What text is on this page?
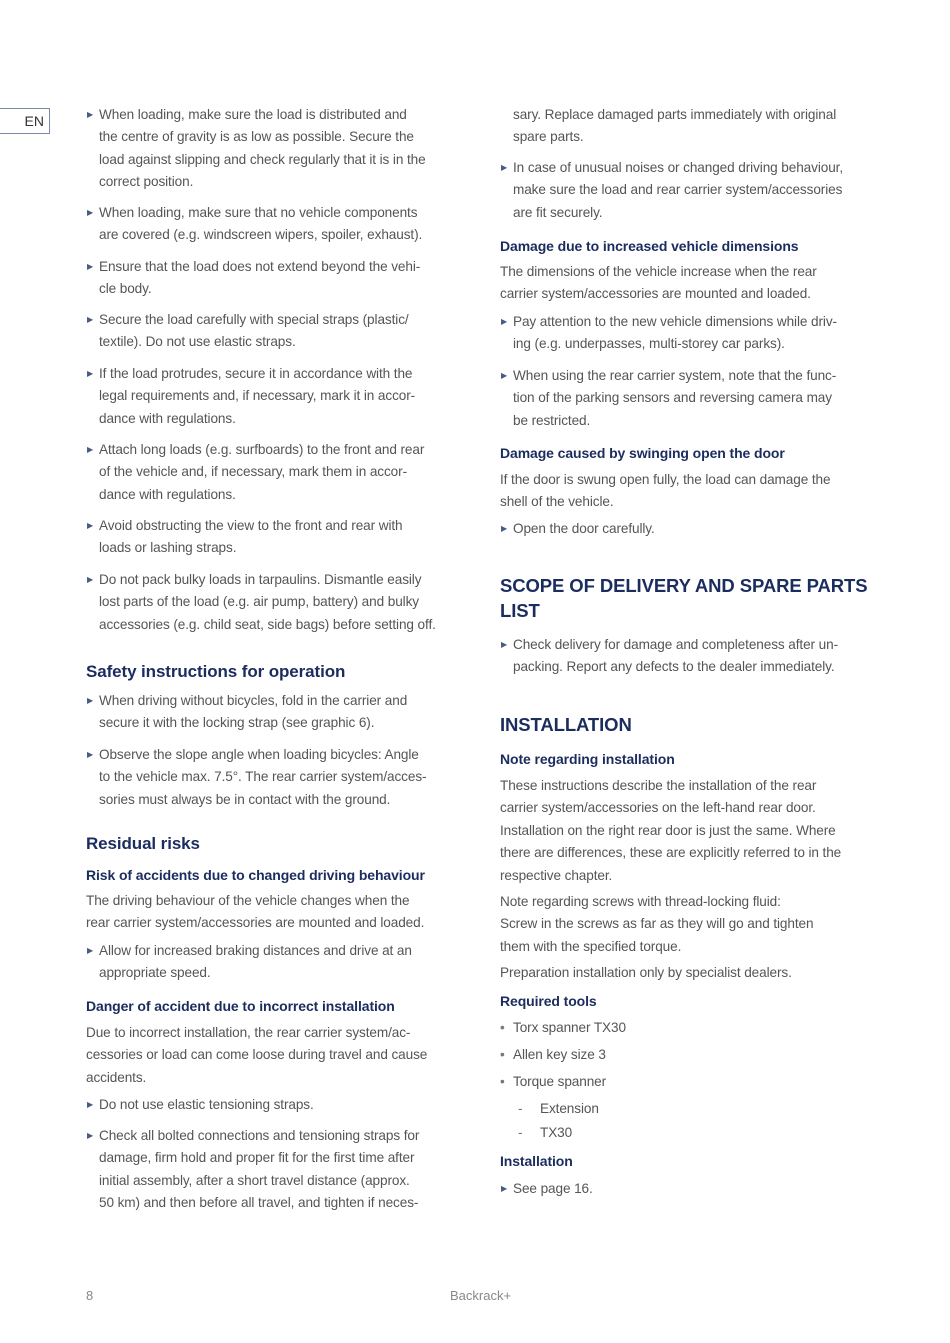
EN	▶ When loading, make sure the load is distributed and
the centre of gravity is as low as possible. Secure the
load against slipping and check regularly that it is in the
correct position.
▶ When loading, make sure that no vehicle components
are covered (e.g. windscreen wipers, spoiler, exhaust).
▶ Ensure that the load does not extend beyond the vehi-
cle body.
▶ Secure the load carefully with special straps (plastic/
textile). Do not use elastic straps.
▶ If the load protrudes, secure it in accordance with the
legal requirements and, if necessary, mark it in accor-
dance with regulations.
▶ Attach long loads (e.g. surfboards) to the front and rear
of the vehicle and, if necessary, mark them in accor-
dance with regulations.
▶ Avoid obstructing the view to the front and rear with
loads or lashing straps.
▶ Do not pack bulky loads in tarpaulins. Dismantle easily
lost parts of the load (e.g. air pump, battery) and bulky
accessories (e.g. child seat, side bags) before setting off.
Safety instructions for operation
▶ When driving without bicycles, fold in the carrier and
secure it with the locking strap (see graphic 6).
▶ Observe the slope angle when loading bicycles: Angle
to the vehicle max. 7.5°. The rear carrier system/acces-
sories must always be in contact with the ground.
Residual risks
Risk of accidents due to changed driving behaviour
The driving behaviour of the vehicle changes when the
rear carrier system/accessories are mounted and loaded.
▶ Allow for increased braking distances and drive at an
appropriate speed.
Danger of accident due to incorrect installation
Due to incorrect installation, the rear carrier system/ac-
cessories or load can come loose during travel and cause
accidents.
▶ Do not use elastic tensioning straps.
▶ Check all bolted connections and tensioning straps for
damage, firm hold and proper fit for the first time after
initial assembly, after a short travel distance (approx.
50 km) and then before all travel, and tighten if neces-
sary. Replace damaged parts immediately with original
spare parts.
▶ In case of unusual noises or changed driving behaviour,
make sure the load and rear carrier system/accessories
are fit securely.
Damage due to increased vehicle dimensions
The dimensions of the vehicle increase when the rear
carrier system/accessories are mounted and loaded.
▶ Pay attention to the new vehicle dimensions while driv-
ing (e.g. underpasses, multi-storey car parks).
▶ When using the rear carrier system, note that the func-
tion of the parking sensors and reversing camera may
be restricted.
Damage caused by swinging open the door
If the door is swung open fully, the load can damage the
shell of the vehicle.
▶ Open the door carefully.
SCOPE OF DELIVERY AND SPARE PARTS
LIST
▶ Check delivery for damage and completeness after un-
packing. Report any defects to the dealer immediately.
INSTALLATION
Note regarding installation
These instructions describe the installation of the rear
carrier system/accessories on the left-hand rear door.
Installation on the right rear door is just the same. Where
there are differences, these are explicitly referred to in the
respective chapter.
Note regarding screws with thread-locking fluid:
Screw in the screws as far as they will go and tighten
them with the specified torque.
Preparation installation only by specialist dealers.
Required tools
• Torx spanner TX30
• Allen key size 3
• Torque spanner
- Extension
- TX30
Installation
▶ See page 16.
8	Backrack+
